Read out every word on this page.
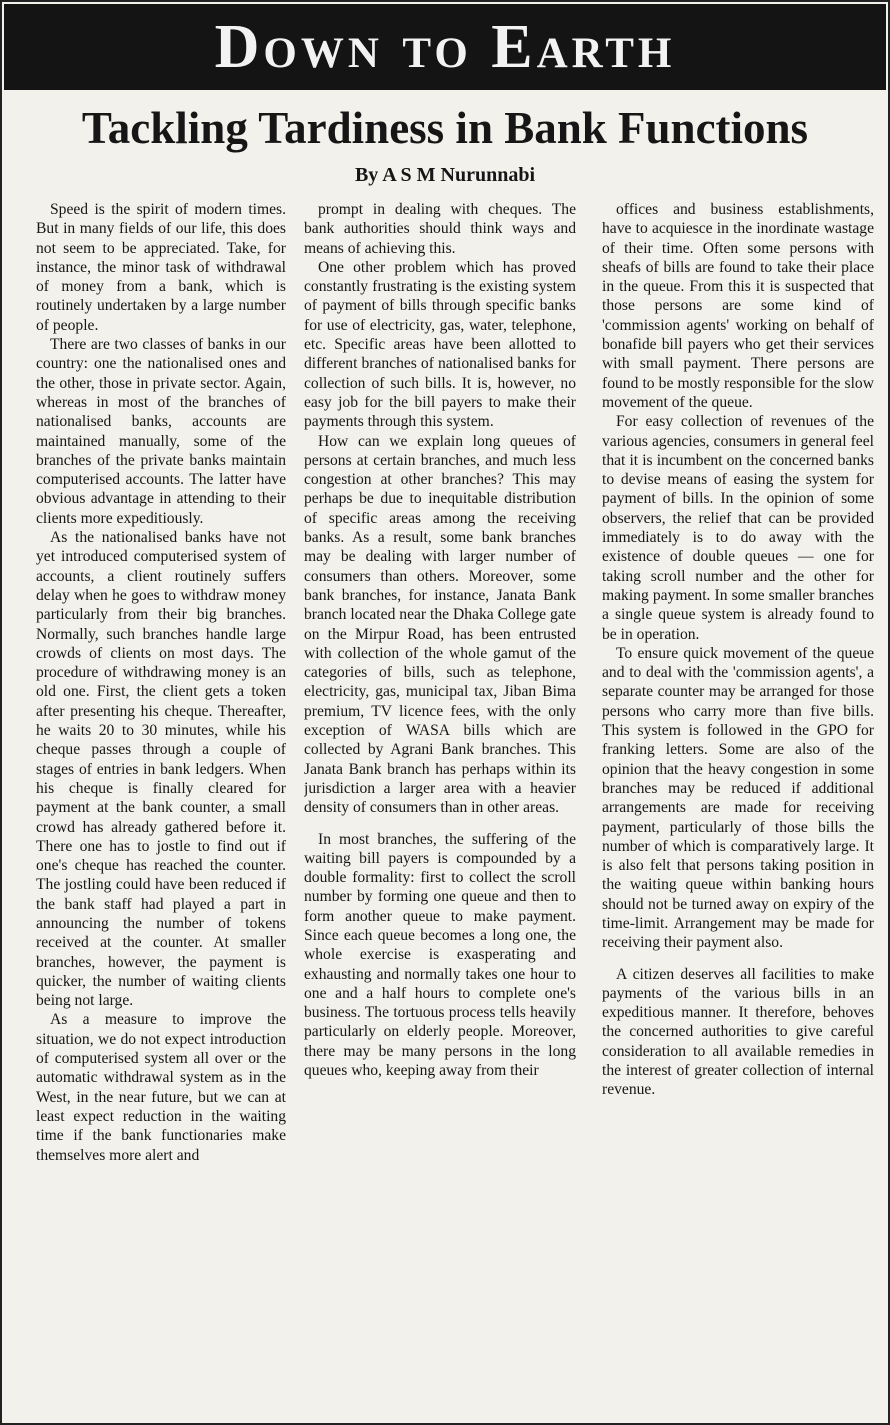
Down to Earth
Tackling Tardiness in Bank Functions
By A S M Nurunnabi

Speed is the spirit of modern times. But in many fields of our life, this does not seem to be appreciated. Take, for instance, the minor task of withdrawal of money from a bank, which is routinely undertaken by a large number of people.

There are two classes of banks in our country: one the nationalised ones and the other, those in private sector. Again, whereas in most of the branches of nationalised banks, accounts are maintained manually, some of the branches of the private banks maintain computerised accounts. The latter have obvious advantage in attending to their clients more expeditiously.

As the nationalised banks have not yet introduced computerised system of accounts, a client routinely suffers delay when he goes to withdraw money particularly from their big branches. Normally, such branches handle large crowds of clients on most days. The procedure of withdrawing money is an old one. First, the client gets a token after presenting his cheque. Thereafter, he waits 20 to 30 minutes, while his cheque passes through a couple of stages of entries in bank ledgers. When his cheque is finally cleared for payment at the bank counter, a small crowd has already gathered before it. There one has to jostle to find out if one's cheque has reached the counter. The jostling could have been reduced if the bank staff had played a part in announcing the number of tokens received at the counter. At smaller branches, however, the payment is quicker, the number of waiting clients being not large.

As a measure to improve the situation, we do not expect introduction of computerised system all over or the automatic withdrawal system as in the West, in the near future, but we can at least expect reduction in the waiting time if the bank functionaries make themselves more alert and

prompt in dealing with cheques. The bank authorities should think ways and means of achieving this.

One other problem which has proved constantly frustrating is the existing system of payment of bills through specific banks for use of electricity, gas, water, telephone, etc. Specific areas have been allotted to different branches of nationalised banks for collection of such bills. It is, however, no easy job for the bill payers to make their payments through this system.

How can we explain long queues of persons at certain branches, and much less congestion at other branches? This may perhaps be due to inequitable distribution of specific areas among the receiving banks. As a result, some bank branches may be dealing with larger number of consumers than others. Moreover, some bank branches, for instance, Janata Bank branch located near the Dhaka College gate on the Mirpur Road, has been entrusted with collection of the whole gamut of the categories of bills, such as telephone, electricity, gas, municipal tax, Jiban Bima premium, TV licence fees, with the only exception of WASA bills which are collected by Agrani Bank branches. This Janata Bank branch has perhaps within its jurisdiction a larger area with a heavier density of consumers than in other areas.

In most branches, the suffering of the waiting bill payers is compounded by a double formality: first to collect the scroll number by forming one queue and then to form another queue to make payment. Since each queue becomes a long one, the whole exercise is exasperating and exhausting and normally takes one hour to one and a half hours to complete one's business. The tortuous process tells heavily particularly on elderly people. Moreover, there may be many persons in the long queues who, keeping away from their

offices and business establishments, have to acquiesce in the inordinate wastage of their time. Often some persons with sheafs of bills are found to take their place in the queue. From this it is suspected that those persons are some kind of 'commission agents' working on behalf of bonafide bill payers who get their services with small payment. There persons are found to be mostly responsible for the slow movement of the queue.

For easy collection of revenues of the various agencies, consumers in general feel that it is incumbent on the concerned banks to devise means of easing the system for payment of bills. In the opinion of some observers, the relief that can be provided immediately is to do away with the existence of double queues — one for taking scroll number and the other for making payment. In some smaller branches a single queue system is already found to be in operation.

To ensure quick movement of the queue and to deal with the 'commission agents', a separate counter may be arranged for those persons who carry more than five bills. This system is followed in the GPO for franking letters. Some are also of the opinion that the heavy congestion in some branches may be reduced if additional arrangements are made for receiving payment, particularly of those bills the number of which is comparatively large. It is also felt that persons taking position in the waiting queue within banking hours should not be turned away on expiry of the time-limit. Arrangement may be made for receiving their payment also.

A citizen deserves all facilities to make payments of the various bills in an expeditious manner. It therefore, behoves the concerned authorities to give careful consideration to all available remedies in the interest of greater collection of internal revenue.
